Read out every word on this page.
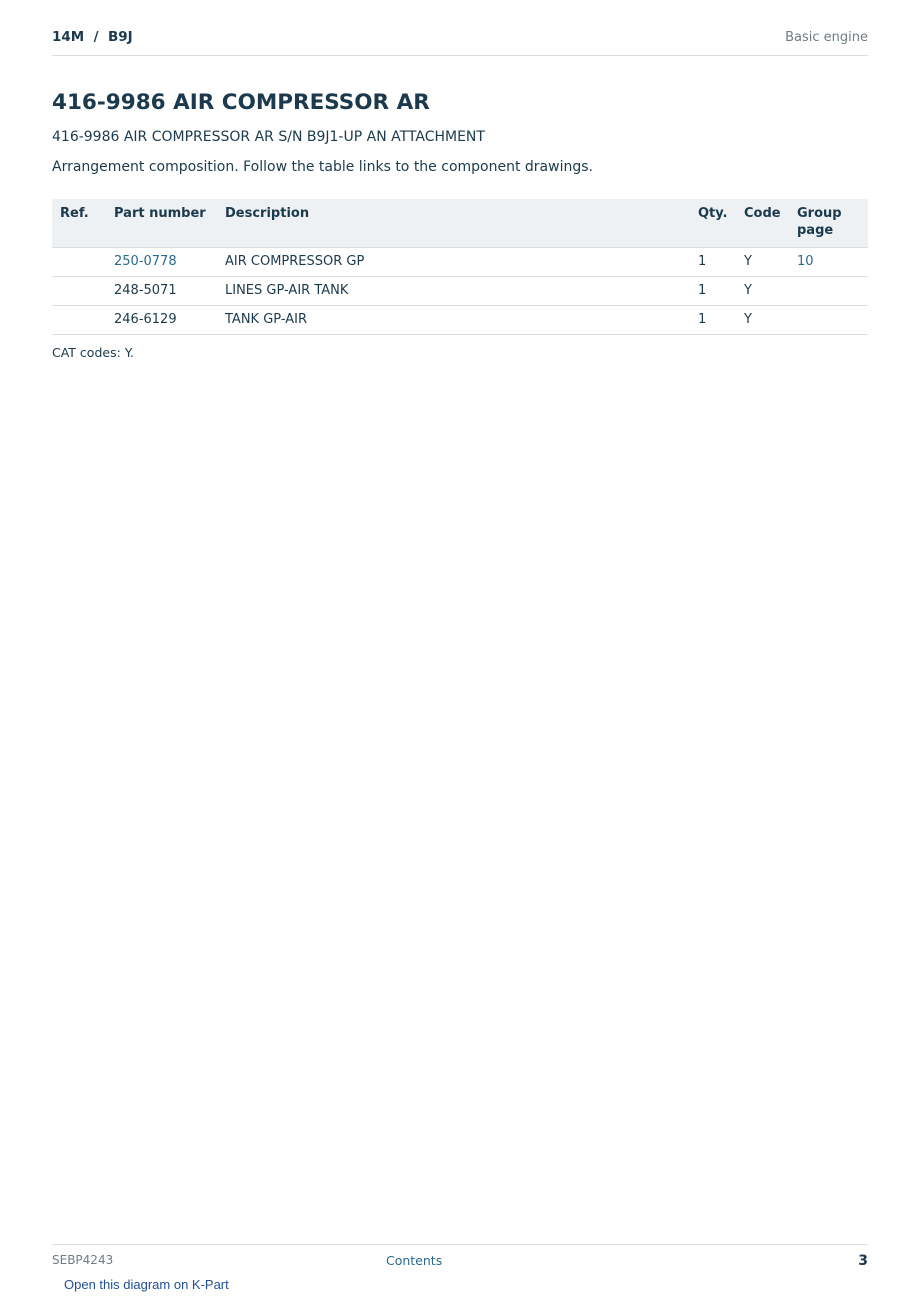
14M  /  B9J	Basic engine
416-9986 AIR COMPRESSOR AR

416-9986 AIR COMPRESSOR AR S/N B9J1-UP AN ATTACHMENT

Arrangement composition. Follow the table links to the component drawings.

Ref.	Part number	Description	Qty.	Code	Group page

	250-0778	AIR COMPRESSOR GP	1	Y	10
	248-5071	LINES GP-AIR TANK	1	Y	
	246-6129	TANK GP-AIR	1	Y	

CAT codes: Y.

SEBP4243	Contents	3
Open this diagram on K-Part
